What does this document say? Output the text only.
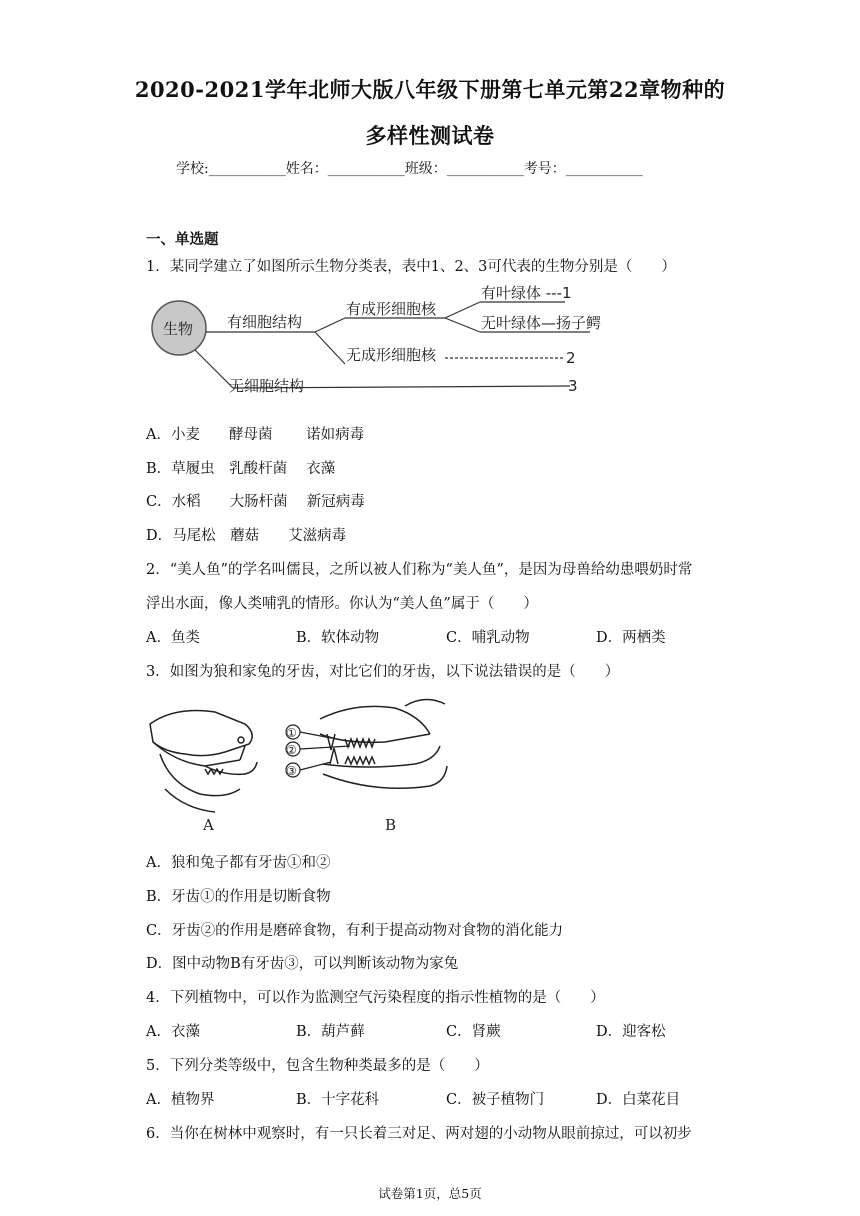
2020-2021学年北师大版八年级下册第七单元第22章物种的
多样性测试卷
学校:___________姓名：___________班级：___________考号：___________
一、单选题
1．某同学建立了如图所示生物分类表，表中1、2、3可代表的生物分别是（　　）
生物 有细胞结构
无细胞结构	3
有成形细胞核
无成形细胞核	2
有叶绿体 ---1
无叶绿体—扬子鳄
A．小麦　　酵母菌　　 诺如病毒
B．草履虫　乳酸杆菌　 衣藻
C．水稻　　大肠杆菌　 新冠病毒
D．马尾松　蘑菇　　艾滋病毒
2．“美人鱼”的学名叫儒艮，之所以被人们称为“美人鱼”，是因为母兽给幼患喂奶时常
浮出水面，像人类哺乳的情形。你认为“美人鱼”属于（　　）
A．鱼类	B．软体动物	C．哺乳动物	D．两栖类
3．如图为狼和家兔的牙齿，对比它们的牙齿，以下说法错误的是（　　）
A
①
②
③
B
A．狼和兔子都有牙齿①和②
B．牙齿①的作用是切断食物
C．牙齿②的作用是磨碎食物，有利于提高动物对食物的消化能力
D．图中动物B有牙齿③，可以判断该动物为家兔
4．下列植物中，可以作为监测空气污染程度的指示性植物的是（　　）
A．衣藻	B．葫芦藓	C．肾蕨	D．迎客松
5．下列分类等级中，包含生物种类最多的是（　　）
A．植物界	B．十字花科	C．被子植物门	D．白菜花目
6．当你在树林中观察时，有一只长着三对足、两对翅的小动物从眼前掠过，可以初步
试卷第1页，总5页
